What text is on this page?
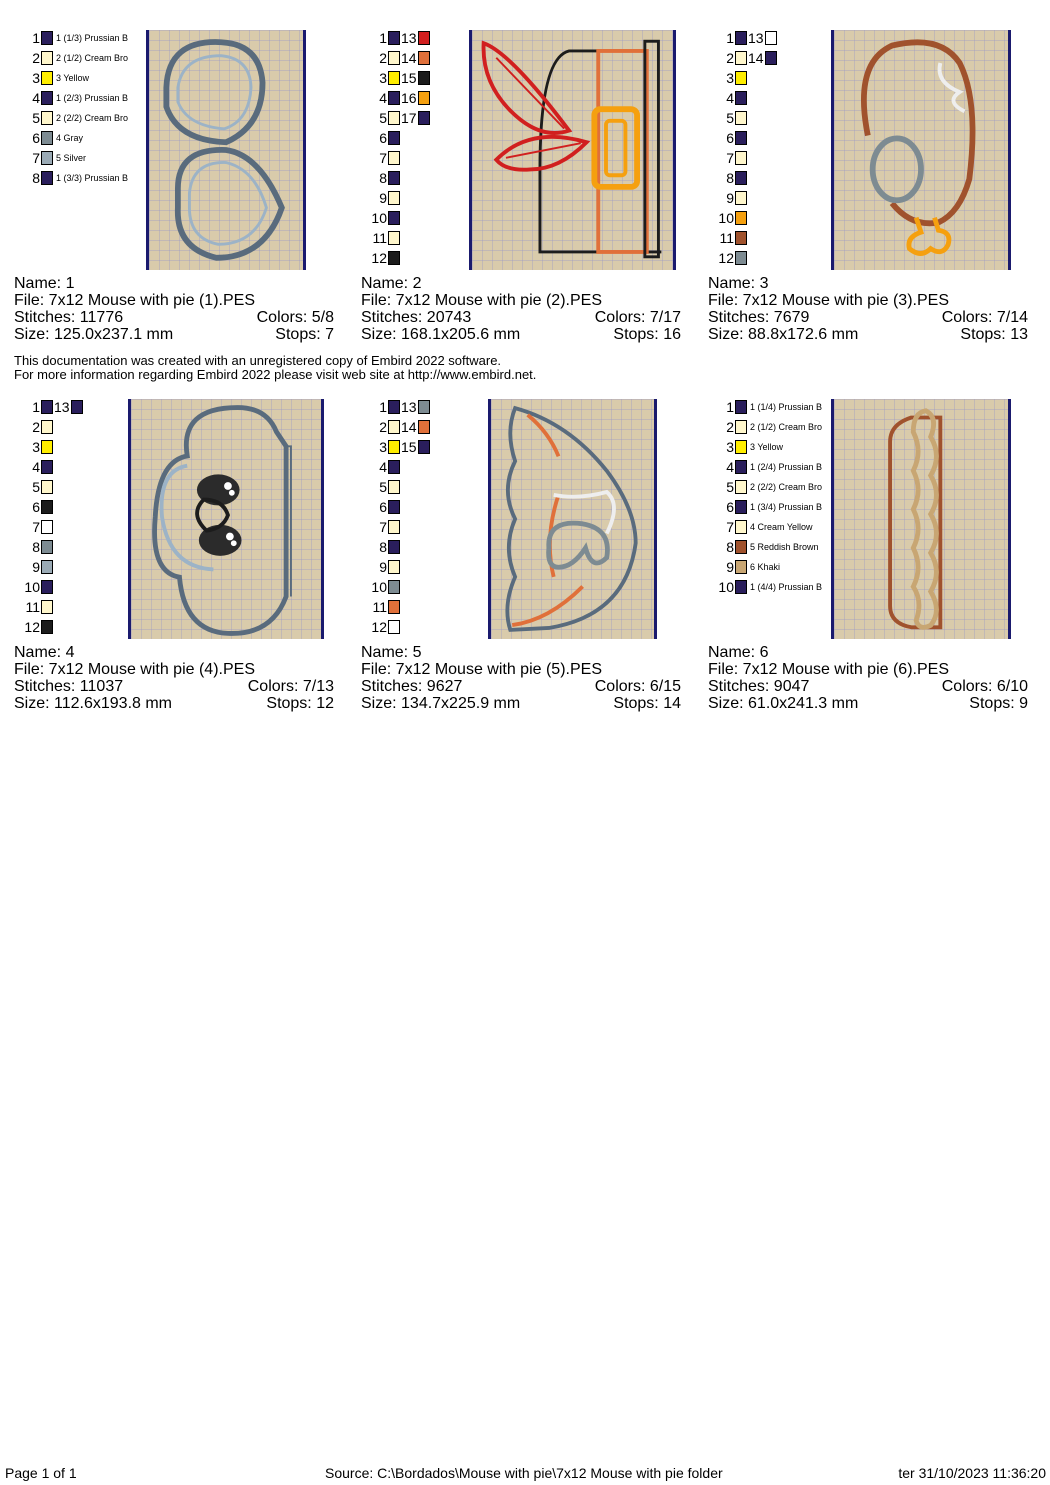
1 1 (1/3) Prussian B
2 2 (1/2) Cream Bro
3 3 Yellow
4 1 (2/3) Prussian B
5 2 (2/2) Cream Bro
6 4 Gray
7 5 Silver
8 1 (3/3) Prussian B
Name: 1
File: 7x12 Mouse with pie (1).PES
Stitches: 11776	Colors: 5/8
Size: 125.0x237.1 mm	Stops: 7
1 13
2 14
3 15
4 16
5 17
6
7
8
9
10
11
12
Name: 2
File: 7x12 Mouse with pie (2).PES
Stitches: 20743	Colors: 7/17
Size: 168.1x205.6 mm	Stops: 16
1 13
2 14
3
4
5
6
7
8
9
10
11
12
Name: 3
File: 7x12 Mouse with pie (3).PES
Stitches: 7679	Colors: 7/14
Size: 88.8x172.6 mm	Stops: 13
This documentation was created with an unregistered copy of Embird 2022 software.
For more information regarding Embird 2022 please visit web site at http://www.embird.net.
1 13
2
3
4
5
6
7
8
9
10
11
12
Name: 4
File: 7x12 Mouse with pie (4).PES
Stitches: 11037	Colors: 7/13
Size: 112.6x193.8 mm	Stops: 12
1 13
2 14
3 15
4
5
6
7
8
9
10
11
12
Name: 5
File: 7x12 Mouse with pie (5).PES
Stitches: 9627	Colors: 6/15
Size: 134.7x225.9 mm	Stops: 14
1 1 (1/4) Prussian B
2 2 (1/2) Cream Bro
3 3 Yellow
4 1 (2/4) Prussian B
5 2 (2/2) Cream Bro
6 1 (3/4) Prussian B
7 4 Cream Yellow
8 5 Reddish Brown
9 6 Khaki
10 1 (4/4) Prussian B
Name: 6
File: 7x12 Mouse with pie (6).PES
Stitches: 9047	Colors: 6/10
Size: 61.0x241.3 mm	Stops: 9
Page 1 of 1	Source: C:\Bordados\Mouse with pie\7x12 Mouse with pie folder	ter 31/10/2023 11:36:20
